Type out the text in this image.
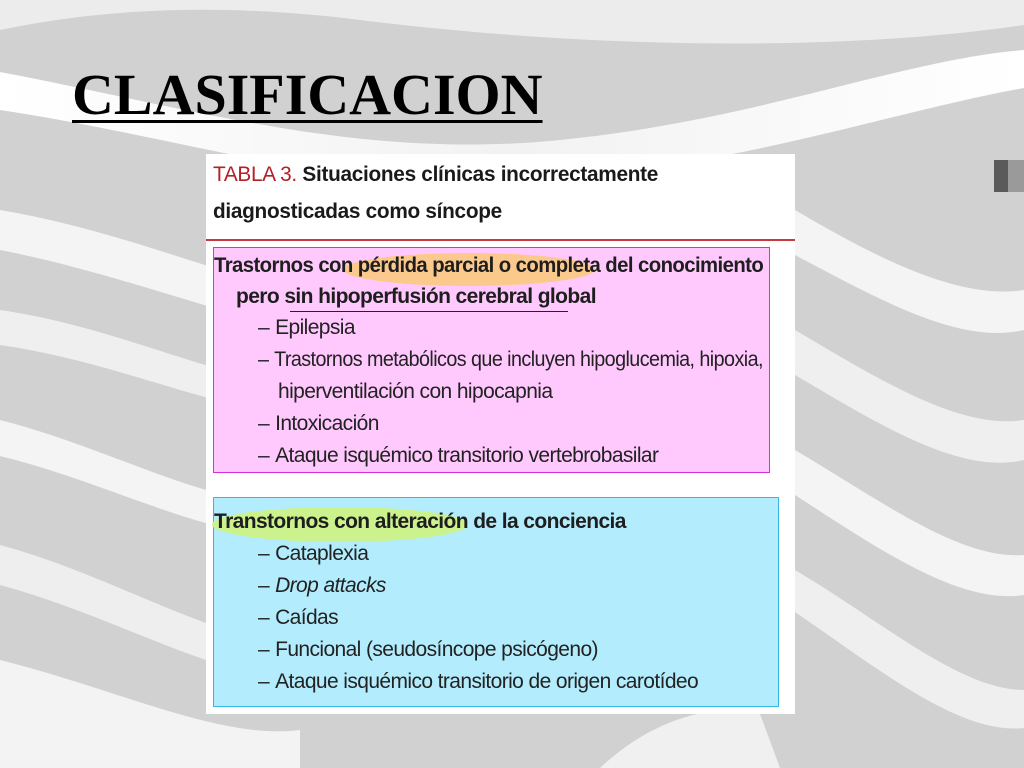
CLASIFICACION
TABLA 3. Situaciones clínicas incorrectamente
diagnosticadas como síncope
Trastornos con pérdida parcial o completa del conocimiento
pero sin hipoperfusión cerebral global
– Epilepsia
– Trastornos metabólicos que incluyen hipoglucemia, hipoxia,
hiperventilación con hipocapnia
– Intoxicación
– Ataque isquémico transitorio vertebrobasilar
Transtornos con alteración de la conciencia
– Cataplexia
– Drop attacks
– Caídas
– Funcional (seudosíncope psicógeno)
– Ataque isquémico transitorio de origen carotídeo
